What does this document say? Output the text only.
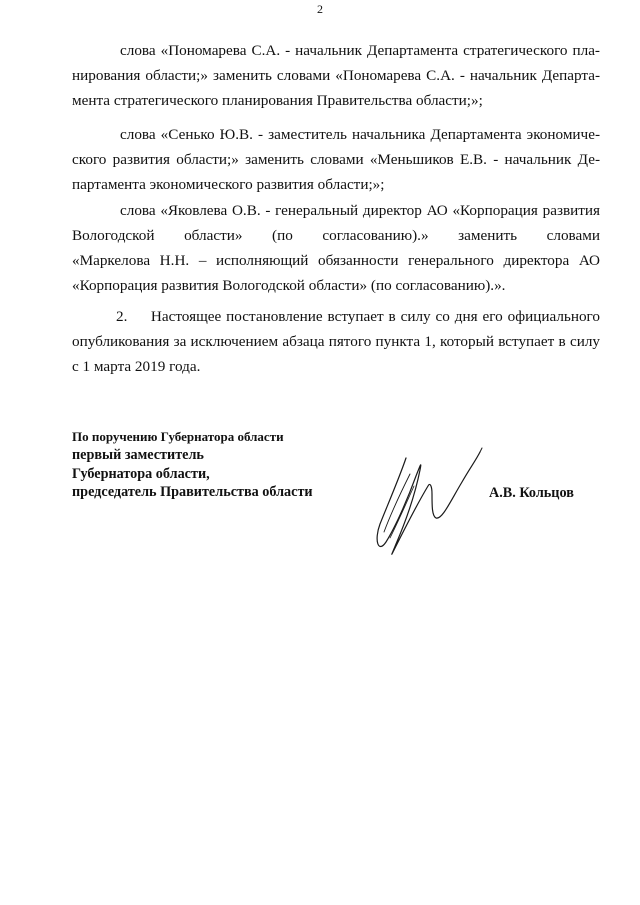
2
слова «Пономарева С.А. - начальник Департамента стратегического пла-
нирования области;» заменить словами «Пономарева С.А. - начальник Департа-
мента стратегического планирования Правительства области;»;
слова «Сенько Ю.В. - заместитель начальника Департамента экономиче-
ского развития области;» заменить словами «Меньшиков Е.В. - начальник Де-
партамента экономического развития области;»;
слова «Яковлева О.В. - генеральный директор АО «Корпорация развития
Вологодской области» (по согласованию).» заменить словами
«Маркелова Н.Н. – исполняющий обязанности генерального директора АО
«Корпорация развития Вологодской области» (по согласованию).».
2. Настоящее постановление вступает в силу со дня его официального
опубликования за исключением абзаца пятого пункта 1, который вступает в силу
с 1 марта 2019 года.
По поручению Губернатора области
первый заместитель
Губернатора области,
председатель Правительства области	А.В. Кольцов
